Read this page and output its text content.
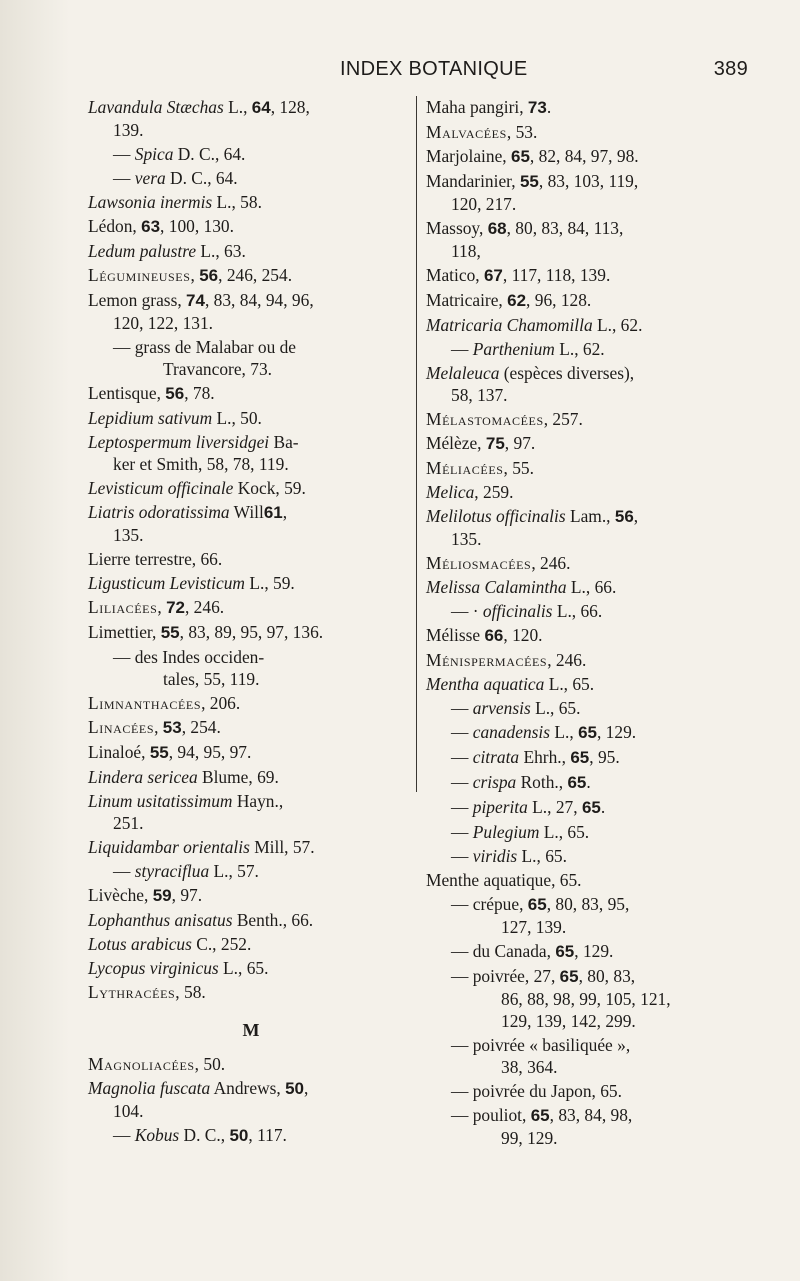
INDEX BOTANIQUE	389
Lavandula Stæchas L., 64, 128,
139.
— Spica D. C., 64.
— vera D. C., 64.
Lawsonia inermis L., 58.
Lédon, 63, 100, 130.
Ledum palustre L., 63.
Légumineuses, 56, 246, 254.
Lemon grass, 74, 83, 84, 94, 96,
120, 122, 131.
— grass de Malabar ou de
Travancore, 73.
Lentisque, 56, 78.
Lepidium sativum L., 50.
Leptospermum liversidgei Ba-
ker et Smith, 58, 78, 119.
Levisticum officinale Kock, 59.
Liatris odoratissima Will61,
135.
Lierre terrestre, 66.
Ligusticum Levisticum L., 59.
Liliacées, 72, 246.
Limettier, 55, 83, 89, 95, 97, 136.
— des Indes occiden-
tales, 55, 119.
Limnanthacées, 206.
Linacées, 53, 254.
Linaloé, 55, 94, 95, 97.
Lindera sericea Blume, 69.
Linum usitatissimum Hayn.,
251.
Liquidambar orientalis Mill, 57.
— styraciflua L., 57.
Livèche, 59, 97.
Lophanthus anisatus Benth., 66.
Lotus arabicus C., 252.
Lycopus virginicus L., 65.
Lythracées, 58.
M
Magnoliacées, 50.
Magnolia fuscata Andrews, 50,
104.
— Kobus D. C., 50, 117.
Maha pangiri, 73.
Malvacées, 53.
Marjolaine, 65, 82, 84, 97, 98.
Mandarinier, 55, 83, 103, 119,
120, 217.
Massoy, 68, 80, 83, 84, 113,
118,
Matico, 67, 117, 118, 139.
Matricaire, 62, 96, 128.
Matricaria Chamomilla L., 62.
— Parthenium L., 62.
Melaleuca (espèces diverses),
58, 137.
Mélastomacées, 257.
Mélèze, 75, 97.
Méliacées, 55.
Melica, 259.
Melilotus officinalis Lam., 56,
135.
Méliosmacées, 246.
Melissa Calamintha L., 66.
— · officinalis L., 66.
Mélisse 66, 120.
Ménispermacées, 246.
Mentha aquatica L., 65.
— arvensis L., 65.
— canadensis L., 65, 129.
— citrata Ehrh., 65, 95.
— crispa Roth., 65.
— piperita L., 27, 65.
— Pulegium L., 65.
— viridis L., 65.
Menthe aquatique, 65.
— crépue, 65, 80, 83, 95,
127, 139.
— du Canada, 65, 129.
— poivrée, 27, 65, 80, 83,
86, 88, 98, 99, 105, 121,
129, 139, 142, 299.
— poivrée « basiliquée »,
38, 364.
— poivrée du Japon, 65.
— pouliot, 65, 83, 84, 98,
99, 129.
